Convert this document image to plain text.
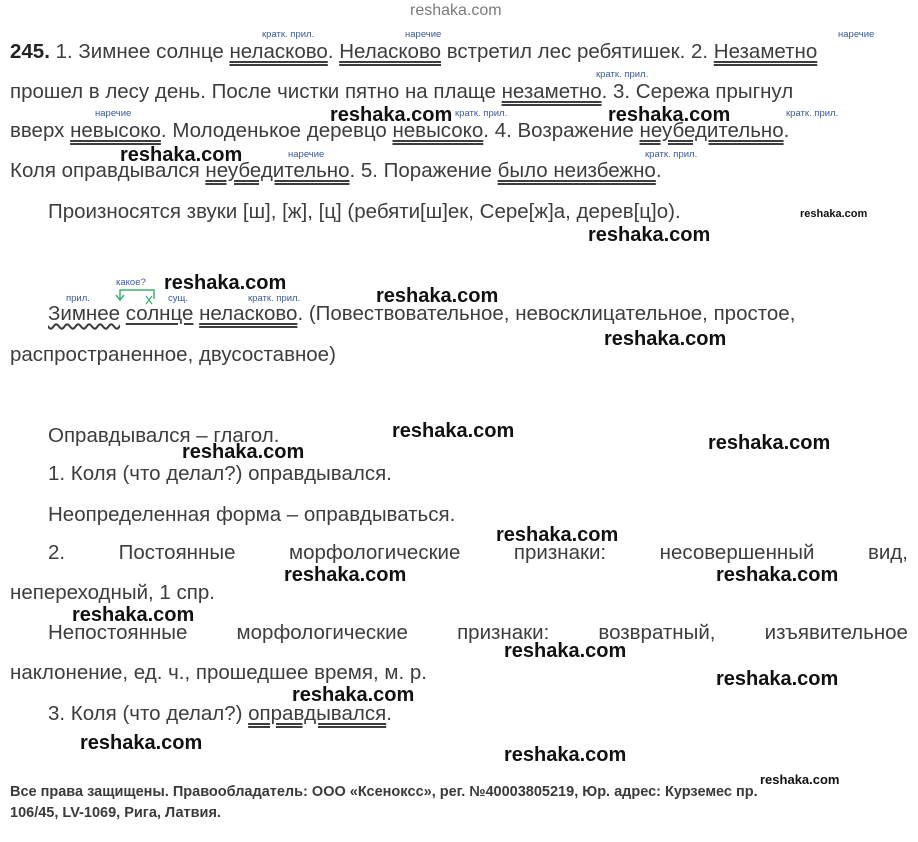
reshaka.com
245. 1. Зимнее солнце неласково. Неласково встретил лес ребятишек. 2. Незаметно
прошел в лесу день. После чистки пятно на плаще незаметно. 3. Сережа прыгнул
вверх невысоко. Молоденькое деревцо невысоко. 4. Возражение неубедительно.
Коля оправдывался неубедительно. 5. Поражение было неизбежно.
кратк. прил.	наречие	наречие
кратк. прил.
наречие	кратк. прил.	кратк. прил.
наречие	кратк. прил.
Произносятся звуки [ш], [ж], [ц] (ребяти[ш]ек, Сере[ж]а, дерев[ц]о).
какое?
прил.	сущ.	кратк. прил.
Зимнее солнце неласково. (Повествовательное, невосклицательное, простое,
распространенное, двусоставное)
Оправдывался – глагол.
1. Коля (что делал?) оправдывался.
Неопределенная форма – оправдываться.
2.	Постоянные	морфологические	признаки:	несовершенный	вид,
непереходный, 1 спр.
Непостоянные морфологические признаки: возвратный, изъявительное
наклонение, ед. ч., прошедшее время, м. р.
3. Коля (что делал?) оправдывался.
reshaka.com	reshaka.com
reshaka.com
reshaka.com
reshaka.com
reshaka.com
reshaka.com
reshaka.com
reshaka.com
reshaka.com
reshaka.com
reshaka.com	reshaka.com
reshaka.com
reshaka.com
reshaka.com
reshaka.com
reshaka.com
reshaka.com
reshaka.com
reshaka.com
Все права защищены. Правообладатель: ООО «Ксенокcс», рег. №40003805219, Юр. адрес: Курземес пр.
106/45, LV-1069, Рига, Латвия.
